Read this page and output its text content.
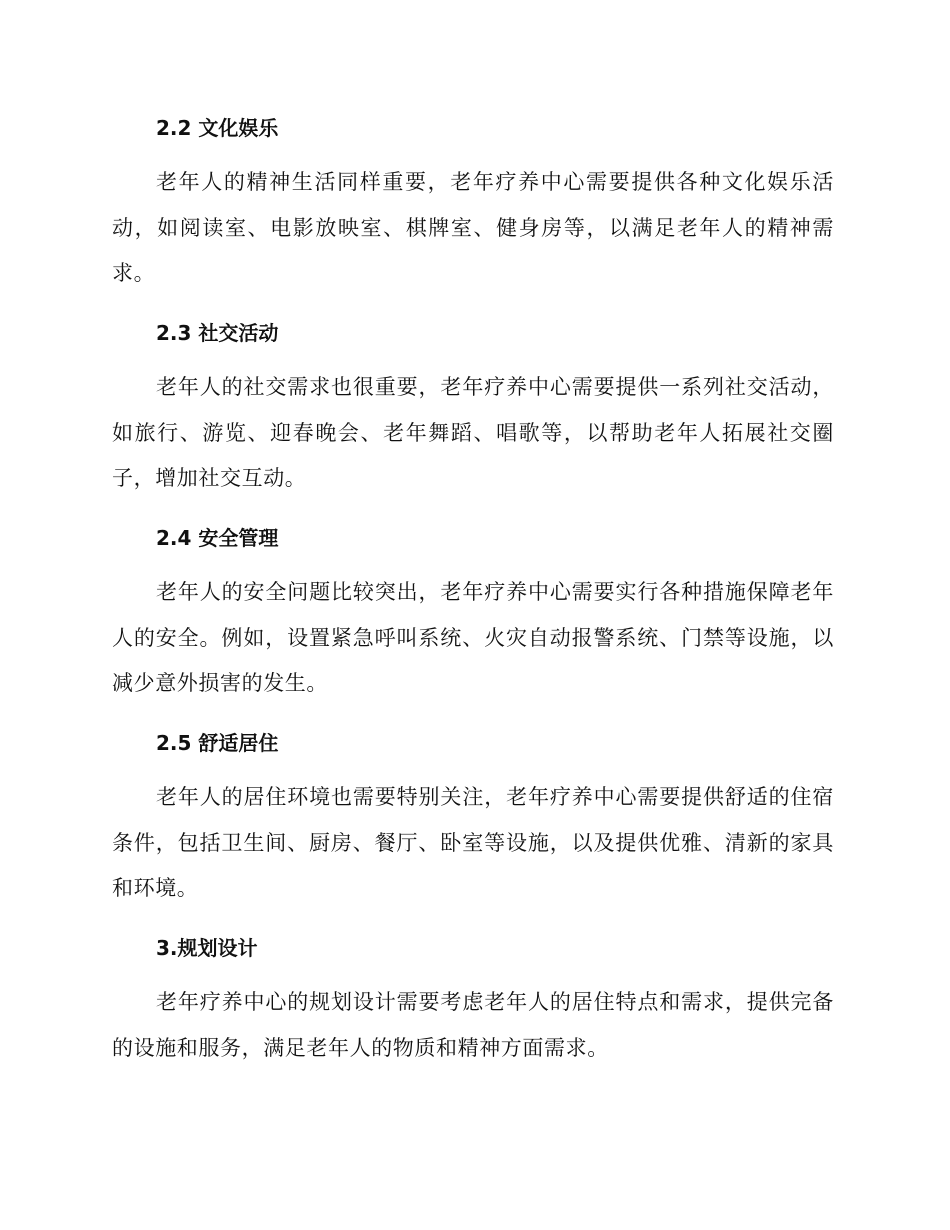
2.2 文化娱乐

老年人的精神生活同样重要，老年疗养中心需要提供各种文化娱乐活动，如阅读室、电影放映室、棋牌室、健身房等，以满足老年人的精神需求。

2.3 社交活动

老年人的社交需求也很重要，老年疗养中心需要提供一系列社交活动，如旅行、游览、迎春晚会、老年舞蹈、唱歌等，以帮助老年人拓展社交圈子，增加社交互动。

2.4 安全管理

老年人的安全问题比较突出，老年疗养中心需要实行各种措施保障老年人的安全。例如，设置紧急呼叫系统、火灾自动报警系统、门禁等设施，以减少意外损害的发生。

2.5 舒适居住

老年人的居住环境也需要特别关注，老年疗养中心需要提供舒适的住宿条件，包括卫生间、厨房、餐厅、卧室等设施，以及提供优雅、清新的家具和环境。

3.规划设计

老年疗养中心的规划设计需要考虑老年人的居住特点和需求，提供完备的设施和服务，满足老年人的物质和精神方面需求。
